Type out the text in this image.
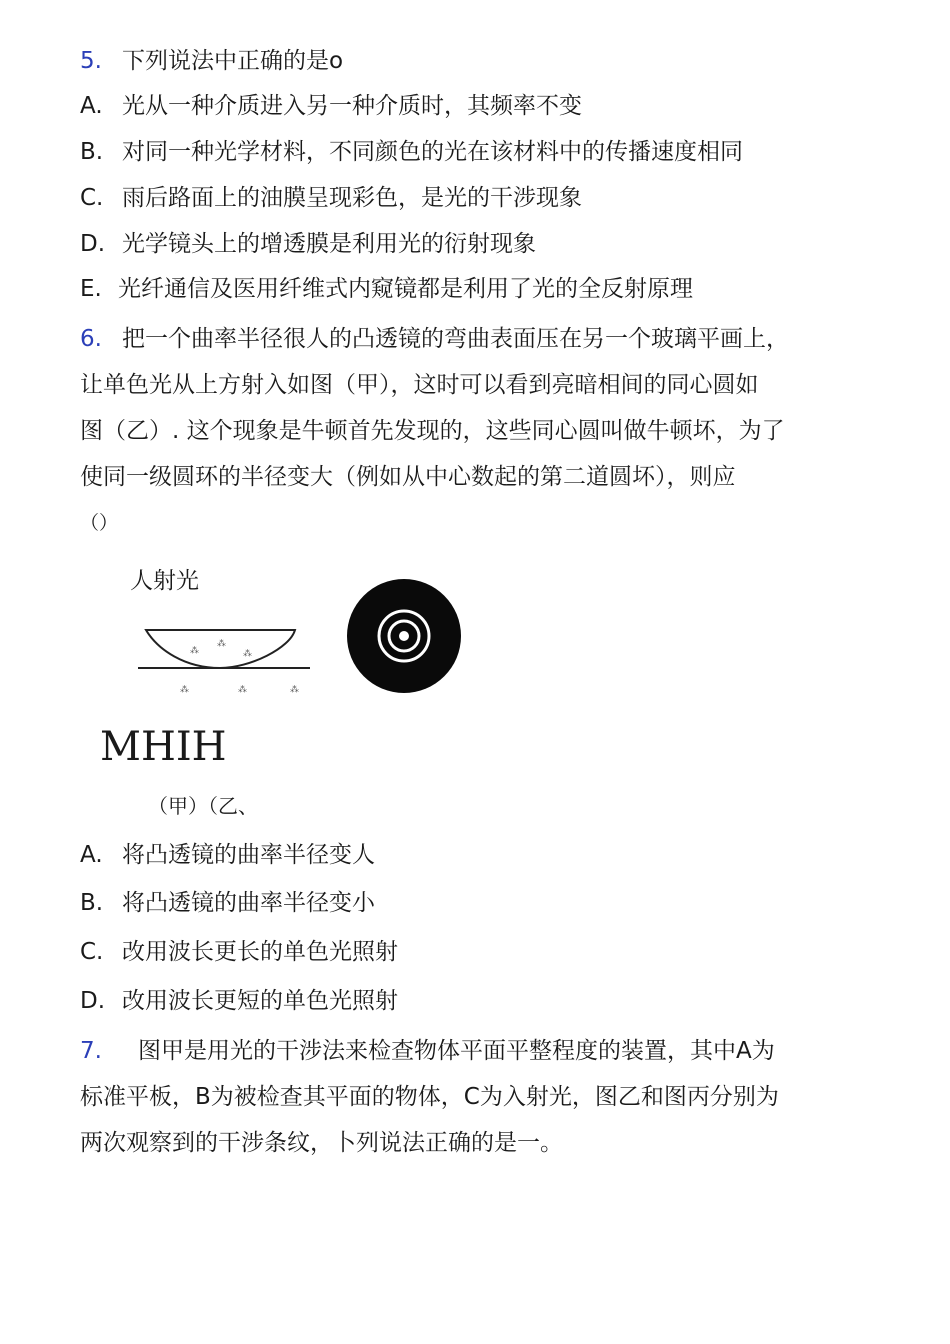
5. 下列说法中正确的是o
A. 光从一种介质进入另一种介质时，其频率不变
B. 对同一种光学材料，不同颜色的光在该材料中的传播速度相同
C. 雨后路面上的油膜呈现彩色，是光的干涉现象
D. 光学镜头上的增透膜是利用光的衍射现象
E. 光纤通信及医用纤维式内窥镜都是利用了光的全反射原理
6. 把一个曲率半径很人的凸透镜的弯曲表面压在另一个玻璃平画上，
让单色光从上方射入如图（甲），这时可以看到亮暗相间的同心圆如
图（乙）. 这个现象是牛顿首先发现的，这些同心圆叫做牛顿坏，为了
使同一级圆环的半径变大（例如从中心数起的第二道圆坏），则应
（）
人射光
⁂
⁂
⁂
⁂	⁂	⁂
MHIH
（甲）（乙、
A. 将凸透镜的曲率半径变人
B. 将凸透镜的曲率半径变小
C. 改用波长更长的单色光照射
D. 改用波长更短的单色光照射
7. 图甲是用光的干涉法来检查物体平面平整程度的装置，其中A为
标准平板，B为被检查其平面的物体，C为入射光，图乙和图丙分别为
两次观察到的干涉条纹，卜列说法正确的是一。
